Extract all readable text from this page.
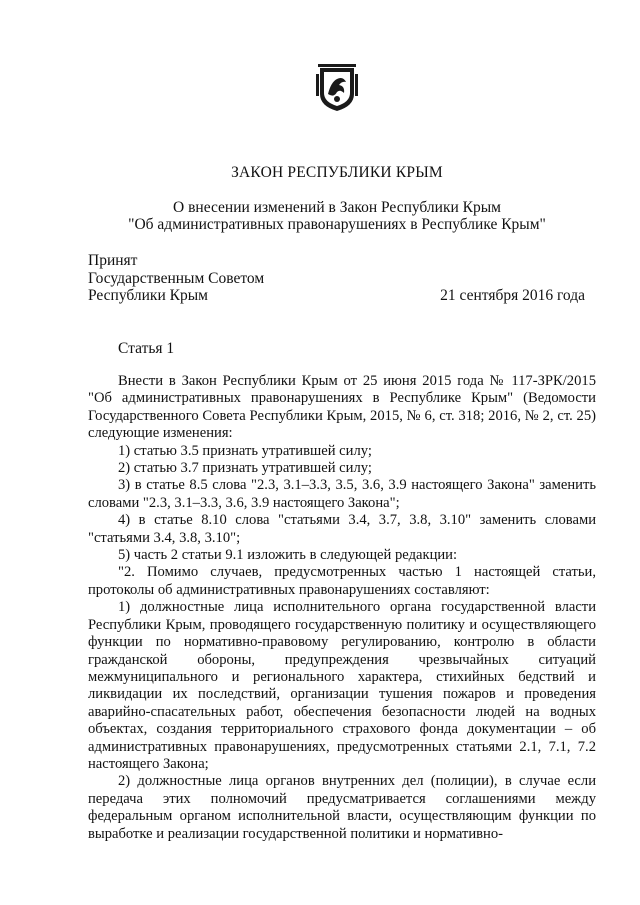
ЗАКОН РЕСПУБЛИКИ КРЫМ
О внесении изменений в Закон Республики Крым
"Об административных правонарушениях в Республике Крым"
Принят
Государственным Советом
Республики Крым	21 сентября 2016 года
Статья 1

Внести в Закон Республики Крым от 25 июня 2015 года № 117-ЗРК/2015 "Об административных правонарушениях в Республике Крым" (Ведомости Государственного Совета Республики Крым, 2015, № 6, ст. 318; 2016, № 2, ст. 25) следующие изменения:

1) статью 3.5 признать утратившей силу;

2) статью 3.7 признать утратившей силу;

3) в статье 8.5 слова "2.3, 3.1–3.3, 3.5, 3.6, 3.9 настоящего Закона" заменить словами "2.3, 3.1–3.3, 3.6, 3.9 настоящего Закона";

4) в статье 8.10 слова "статьями 3.4, 3.7, 3.8, 3.10" заменить словами "статьями 3.4, 3.8, 3.10";

5) часть 2 статьи 9.1 изложить в следующей редакции:

"2. Помимо случаев, предусмотренных частью 1 настоящей статьи, протоколы об административных правонарушениях составляют:

1) должностные лица исполнительного органа государственной власти Республики Крым, проводящего государственную политику и осуществляющего функции по нормативно-правовому регулированию, контролю в области гражданской обороны, предупреждения чрезвычайных ситуаций межмуниципального и регионального характера, стихийных бедствий и ликвидации их последствий, организации тушения пожаров и проведения аварийно-спасательных работ, обеспечения безопасности людей на водных объектах, создания территориального страхового фонда документации – об административных правонарушениях, предусмотренных статьями 2.1, 7.1, 7.2 настоящего Закона;

2) должностные лица органов внутренних дел (полиции), в случае если передача этих полномочий предусматривается соглашениями между федеральным органом исполнительной власти, осуществляющим функции по выработке и реализации государственной политики и нормативно-
